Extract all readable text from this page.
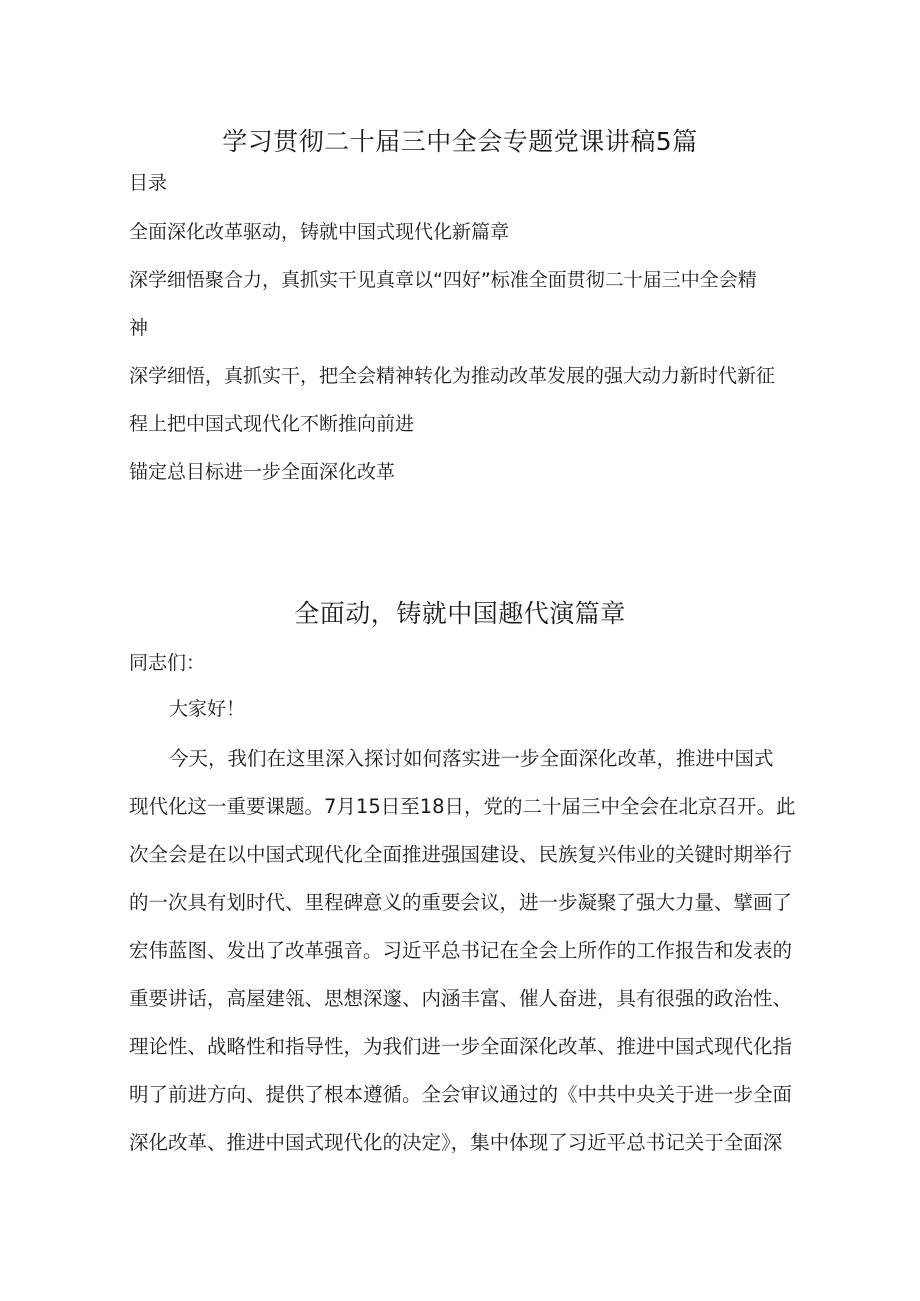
学习贯彻二十届三中全会专题党课讲稿5篇
目录
全面深化改革驱动，铸就中国式现代化新篇章
深学细悟聚合力，真抓实干见真章以“四好”标准全面贯彻二十届三中全会精
神
深学细悟，真抓实干，把全会精神转化为推动改革发展的强大动力新时代新征
程上把中国式现代化不断推向前进
锚定总目标进一步全面深化改革
全面动，铸就中国趣代演篇章
同志们：
大家好！
今天，我们在这里深入探讨如何落实进一步全面深化改革，推进中国式
现代化这一重要课题。7月15日至18日，党的二十届三中全会在北京召开。此
次全会是在以中国式现代化全面推进强国建设、民族复兴伟业的关键时期举行
的一次具有划时代、里程碑意义的重要会议，进一步凝聚了强大力量、擘画了
宏伟蓝图、发出了改革强音。习近平总书记在全会上所作的工作报告和发表的
重要讲话，高屋建瓴、思想深邃、内涵丰富、催人奋进，具有很强的政治性、
理论性、战略性和指导性，为我们进一步全面深化改革、推进中国式现代化指
明了前进方向、提供了根本遵循。全会审议通过的《中共中央关于进一步全面
深化改革、推进中国式现代化的决定》，集中体现了习近平总书记关于全面深
